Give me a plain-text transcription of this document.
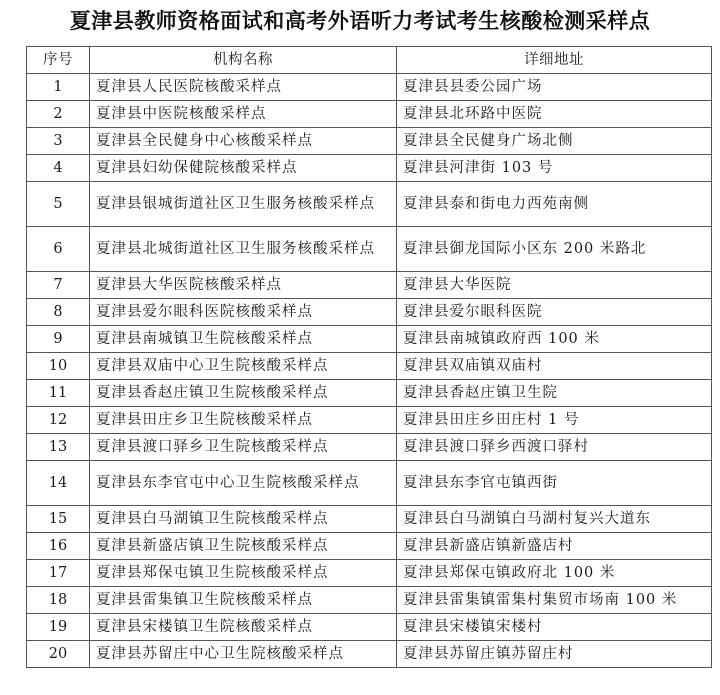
夏津县教师资格面试和高考外语听力考试考生核酸检测采样点
序号	机构名称	详细地址
1	夏津县人民医院核酸采样点	夏津县县委公园广场
2	夏津县中医院核酸采样点	夏津县北环路中医院
3	夏津县全民健身中心核酸采样点	夏津县全民健身广场北侧
4	夏津县妇幼保健院核酸采样点	夏津县河津街 103 号
5	夏津县银城街道社区卫生服务核酸采样点	夏津县泰和街电力西苑南侧
6	夏津县北城街道社区卫生服务核酸采样点	夏津县御龙国际小区东 200 米路北
7	夏津县大华医院核酸采样点	夏津县大华医院
8	夏津县爱尔眼科医院核酸采样点	夏津县爱尔眼科医院
9	夏津县南城镇卫生院核酸采样点	夏津县南城镇政府西 100 米
10	夏津县双庙中心卫生院核酸采样点	夏津县双庙镇双庙村
11	夏津县香赵庄镇卫生院核酸采样点	夏津县香赵庄镇卫生院
12	夏津县田庄乡卫生院核酸采样点	夏津县田庄乡田庄村 1 号
13	夏津县渡口驿乡卫生院核酸采样点	夏津县渡口驿乡西渡口驿村
14	夏津县东李官屯中心卫生院核酸采样点	夏津县东李官屯镇西街
15	夏津县白马湖镇卫生院核酸采样点	夏津县白马湖镇白马湖村复兴大道东
16	夏津县新盛店镇卫生院核酸采样点	夏津县新盛店镇新盛店村
17	夏津县郑保屯镇卫生院核酸采样点	夏津县郑保屯镇政府北 100 米
18	夏津县雷集镇卫生院核酸采样点	夏津县雷集镇雷集村集贸市场南 100 米
19	夏津县宋楼镇卫生院核酸采样点	夏津县宋楼镇宋楼村
20	夏津县苏留庄中心卫生院核酸采样点	夏津县苏留庄镇苏留庄村
